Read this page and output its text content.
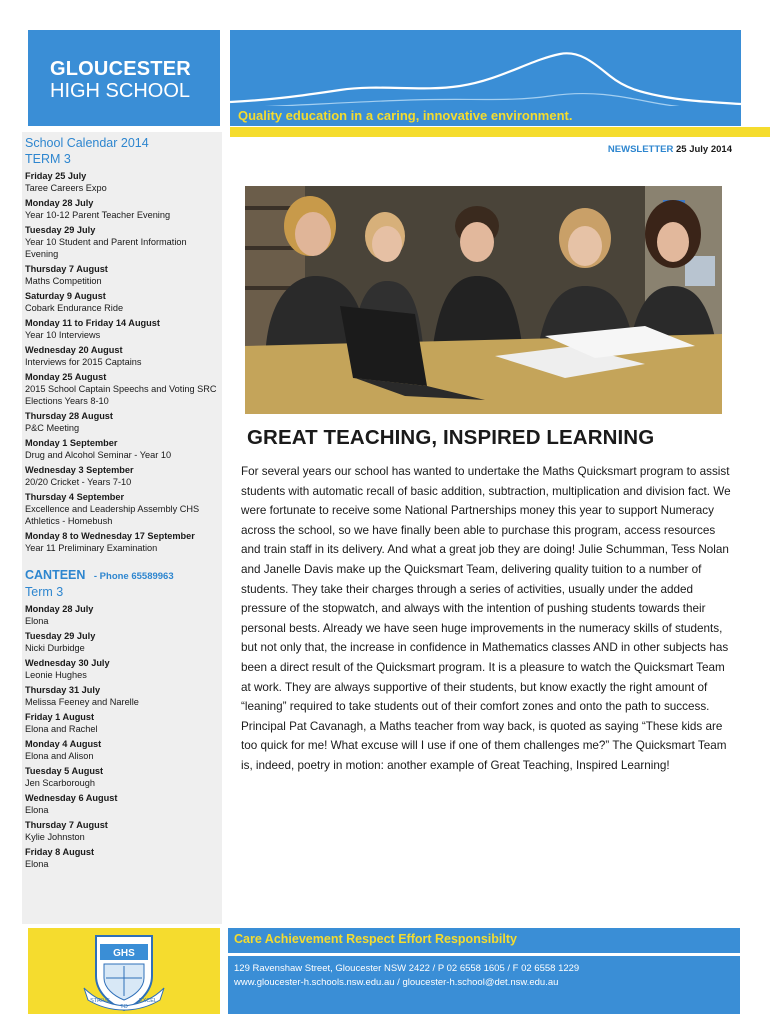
GLOUCESTER
HIGH SCHOOL
Quality education in a caring, innovative environment.
School Calendar 2014
TERM 3
Friday 25 July
Taree Careers Expo
Monday 28 July
Year 10-12 Parent Teacher Evening
Tuesday 29 July
Year 10 Student and Parent Information Evening
Thursday 7 August
Maths Competition
Saturday 9 August
Cobark Endurance Ride
Monday 11 to Friday 14 August
Year 10 Interviews
Wednesday 20 August
Interviews for 2015 Captains
Monday 25 August
2015 School Captain Speechs and Voting SRC Elections Years 8-10
Thursday 28 August
P&C Meeting
Monday 1 September
Drug and Alcohol Seminar - Year 10
Wednesday 3 September
20/20 Cricket - Years 7-10
Thursday 4 September
Excellence and Leadership Assembly CHS Athletics - Homebush
Monday 8 to Wednesday 17 September
Year 11 Preliminary Examination
CANTEEN - Phone 65589963
Term 3
Monday 28 July
Elona
Tuesday 29 July
Nicki Durbidge
Wednesday 30 July
Leonie Hughes
Thursday 31 July
Melissa Feeney and Narelle
Friday 1 August
Elona and Rachel
Monday 4 August
Elona and Alison
Tuesday 5 August
Jen Scarborough
Wednesday 6 August
Elona
Thursday 7 August
Kylie Johnston
Friday 8 August
Elona
NEWSLETTER 25 July 2014
GREAT TEACHING, INSPIRED LEARNING
For several years our school has wanted to undertake the Maths Quicksmart program to assist students with automatic recall of basic addition, subtraction, multiplication and division fact. We were fortunate to receive some National Partnerships money this year to support Numeracy across the school, so we have finally been able to purchase this program, access resources and train staff in its delivery. And what a great job they are doing! Julie Schumman, Tess Nolan and Janelle Davis make up the Quicksmart Team, delivering quality tuition to a number of students. They take their charges through a series of activities, usually under the added pressure of the stopwatch, and always with the intention of pushing students towards their personal bests. Already we have seen huge improvements in the numeracy skills of students, but not only that, the increase in confidence in Mathematics classes AND in other subjects has been a direct result of the Quicksmart program. It is a pleasure to watch the Quicksmart Team at work. They are always supportive of their students, but know exactly the right amount of “leaning” required to take students out of their comfort zones and onto the path to success. Principal Pat Cavanagh, a Maths teacher from way back, is quoted as saying “These kids are too quick for me! What excuse will I use if one of them challenges me?” The Quicksmart Team is, indeed, poetry in motion: another example of Great Teaching, Inspired Learning!
GHS
STRIVE
TO
EXCEL
Care Achievement Respect Effort Responsibilty
129 Ravenshaw Street, Gloucester NSW 2422 / P 02 6558 1605 / F 02 6558 1229
www.gloucester-h.schools.nsw.edu.au / gloucester-h.school@det.nsw.edu.au
